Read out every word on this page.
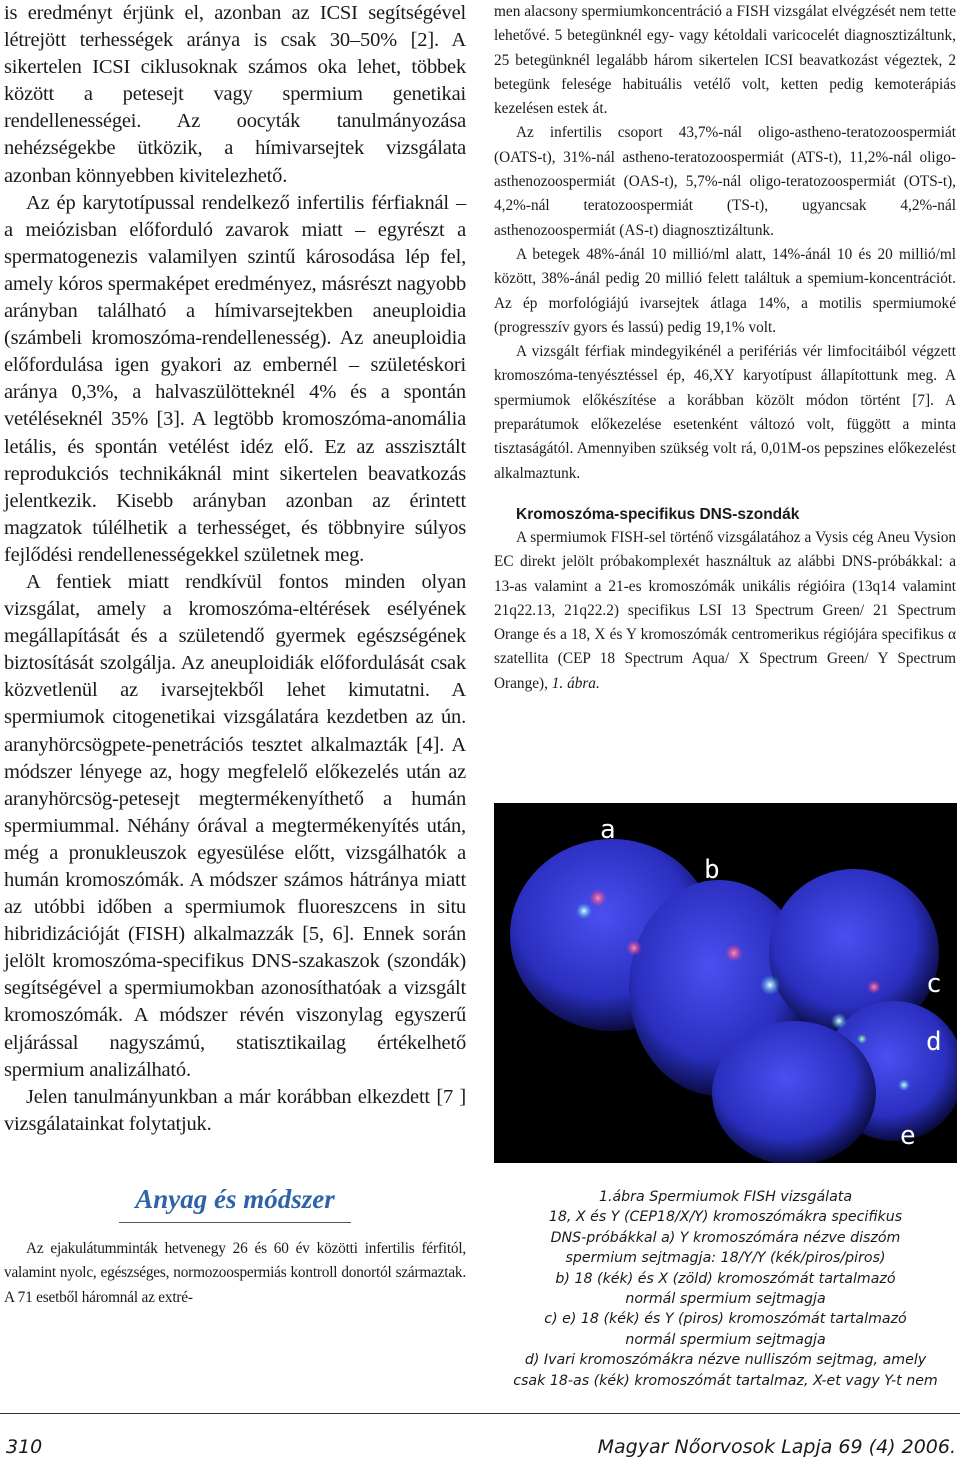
is eredményt érjünk el, azonban az ICSI segítségével létrejött terhességek aránya is csak 30–50% [2]. A sikertelen ICSI ciklusoknak számos oka lehet, többek között a petesejt vagy spermium genetikai rendellenességei. Az oocyták tanulmányozása nehézségekbe ütközik, a hímivarsejtek vizsgálata azonban könnyebben kivitelezhető.

Az ép karytotípussal rendelkező infertilis férfiaknál – a meiózisban előforduló zavarok miatt – egyrészt a spermatogenezis valamilyen szintű károsodása lép fel, amely kóros spermaképet eredményez, másrészt nagyobb arányban található a hímivarsejtekben aneuploidia (számbeli kromoszóma-rendellenesség). Az aneuploidia előfordulása igen gyakori az embernél – születéskori aránya 0,3%, a halvaszülötteknél 4% és a spontán vetéléseknél 35% [3]. A legtöbb kromoszóma-anomália letális, és spontán vetélést idéz elő. Ez az asszisztált reprodukciós technikáknál mint sikertelen beavatkozás jelentkezik. Kisebb arányban azonban az érintett magzatok túlélhetik a terhességet, és többnyire súlyos fejlődési rendellenességekkel születnek meg.

A fentiek miatt rendkívül fontos minden olyan vizsgálat, amely a kromoszóma-eltérések esélyének megállapítását és a születendő gyermek egészségének biztosítását szolgálja. Az aneuploidiák előfordulását csak közvetlenül az ivarsejtekből lehet kimutatni. A spermiumok citogenetikai vizsgálatára kezdetben az ún. aranyhörcsögpete-penetrációs tesztet alkalmazták [4]. A módszer lényege az, hogy megfelelő előkezelés után az aranyhörcsög-petesejt megtermékenyíthető a humán spermiummal. Néhány órával a megtermékenyítés után, még a pronukleuszok egyesülése előtt, vizsgálhatók a humán kromoszómák. A módszer számos hátránya miatt az utóbbi időben a spermiumok fluoreszcens in situ hibridizációját (FISH) alkalmazzák [5, 6]. Ennek során jelölt kromoszóma-specifikus DNS-szakaszok (szondák) segítségével a spermiumokban azonosíthatóak a vizsgált kromoszómák. A módszer révén viszonylag egyszerű eljárással nagyszámú, statisztikailag értékelhető spermium analizálható.

Jelen tanulmányunkban a már korábban elkezdett [7 ] vizsgálatainkat folytatjuk.

Anyag és módszer

Az ejakulátumminták hetvenegy 26 és 60 év közötti infertilis férfitól, valamint nyolc, egészséges, normozoospermiás kontroll donortól származtak. A 71 esetből háromnál az extré-

men alacsony spermiumkoncentráció a FISH vizsgálat elvégzését nem tette lehetővé. 5 betegünknél egy- vagy kétoldali varicocelét diagnosztizáltunk, 25 betegünknél legalább három sikertelen ICSI beavatkozást végeztek, 2 betegünk felesége habituális vetélő volt, ketten pedig kemoterápiás kezelésen estek át.

Az infertilis csoport 43,7%-nál oligo-astheno-teratozoospermiát (OATS-t), 31%-nál astheno-teratozoospermiát (ATS-t), 11,2%-nál oligo-asthenozoospermiát (OAS-t), 5,7%-nál oligo-teratozoospermiát (OTS-t), 4,2%-nál teratozoospermiát (TS-t), ugyancsak 4,2%-nál asthenozoospermiát (AS-t) diagnosztizáltunk.

A betegek 48%-ánál 10 millió/ml alatt, 14%-ánál 10 és 20 millió/ml között, 38%-ánál pedig 20 millió felett találtuk a spemium-koncentrációt. Az ép morfológiájú ivarsejtek átlaga 14%, a motilis spermiumoké (progresszív gyors és lassú) pedig 19,1% volt.

A vizsgált férfiak mindegyikénél a perifériás vér limfocitáiból végzett kromoszóma-tenyésztéssel ép, 46,XY karyotípust állapítottunk meg. A spermiumok előkészítése a korábban közölt módon történt [7]. A preparátumok előkezelése esetenként változó volt, függött a minta tisztaságától. Amennyiben szükség volt rá, 0,01M-os pepszines előkezelést alkalmaztunk.

Kromoszóma-specifikus DNS-szondák

A spermiumok FISH-sel történő vizsgálatához a Vysis cég Aneu Vysion EC direkt jelölt próbakomplexét használtuk az alábbi DNS-próbákkal: a 13-as valamint a 21-es kromoszómák unikális régióira (13q14 valamint 21q22.13, 21q22.2) specifikus LSI 13 Spectrum Green/ 21 Spectrum Orange és a 18, X és Y kromoszómák centromerikus régiójára specifikus α szatellita (CEP 18 Spectrum Aqua/ X Spectrum Green/ Y Spectrum Orange), 1. ábra.

a
b
c
d
e
1.ábra Spermiumok FISH vizsgálata
18, X és Y (CEP18/X/Y) kromoszómákra specifikus
DNS-próbákkal a) Y kromoszómára nézve diszóm
spermium sejtmagja: 18/Y/Y (kék/piros/piros)
b) 18 (kék) és X (zöld) kromoszómát tartalmazó
normál spermium sejtmagja
c) e) 18 (kék) és Y (piros) kromoszómát tartalmazó
normál spermium sejtmagja
d) Ivari kromoszómákra nézve nulliszóm sejtmag, amely
csak 18-as (kék) kromoszómát tartalmaz, X-et vagy Y-t nem
310	Magyar Nőorvosok Lapja 69 (4) 2006.
